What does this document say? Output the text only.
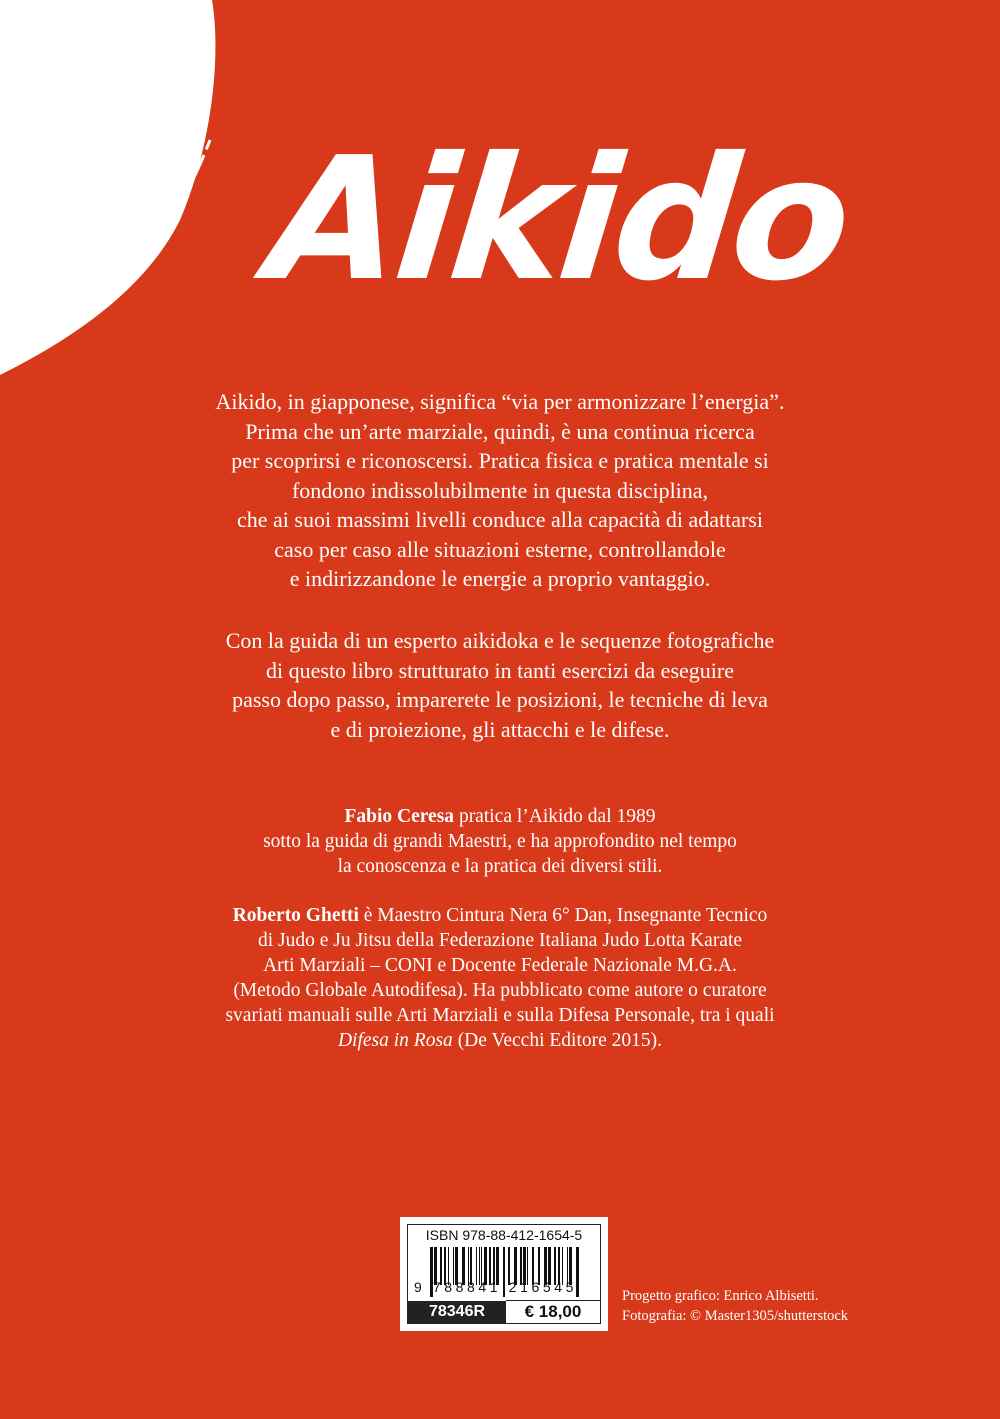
Aikido

Aikido, in giapponese, significa “via per armonizzare l’energia”.

Prima che un’arte marziale, quindi, è una continua ricerca

per scoprirsi e riconoscersi. Pratica fisica e pratica mentale si

fondono indissolubilmente in questa disciplina,

che ai suoi massimi livelli conduce alla capacità di adattarsi

caso per caso alle situazioni esterne, controllandole

e indirizzandone le energie a proprio vantaggio.

Con la guida di un esperto aikidoka e le sequenze fotografiche

di questo libro strutturato in tanti esercizi da eseguire

passo dopo passo, imparerete le posizioni, le tecniche di leva

e di proiezione, gli attacchi e le difese.

Fabio Ceresa pratica l’Aikido dal 1989

sotto la guida di grandi Maestri, e ha approfondito nel tempo

la conoscenza e la pratica dei diversi stili.

Roberto Ghetti è Maestro Cintura Nera 6° Dan, Insegnante Tecnico

di Judo e Ju Jitsu della Federazione Italiana Judo Lotta Karate

Arti Marziali – CONI e Docente Federale Nazionale M.G.A.

(Metodo Globale Autodifesa). Ha pubblicato come autore o curatore

svariati manuali sulle Arti Marziali e sulla Difesa Personale, tra i quali

Difesa in Rosa (De Vecchi Editore 2015).

ISBN 978-88-412-1654-5
9 788841 216545
78346R	€ 18,00
Progetto grafico: Enrico Albisetti.
Fotografia: © Master1305/shutterstock
